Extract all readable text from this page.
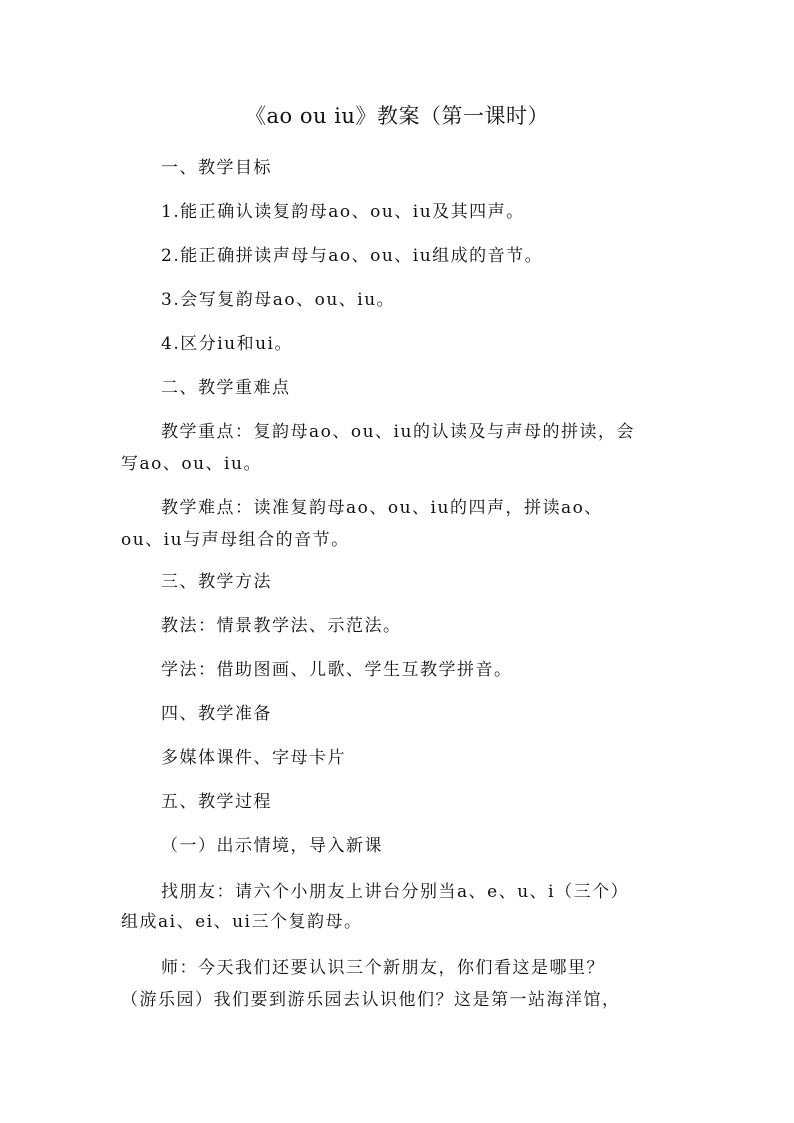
《ao ou iu》教案（第一课时）
一、教学目标
1.能正确认读复韵母ao、ou、iu及其四声。
2.能正确拼读声母与ao、ou、iu组成的音节。
3.会写复韵母ao、ou、iu。
4.区分iu和ui。
二、教学重难点
教学重点：复韵母ao、ou、iu的认读及与声母的拼读，会
写ao、ou、iu。
教学难点：读准复韵母ao、ou、iu的四声，拼读ao、
ou、iu与声母组合的音节。
三、教学方法
教法：情景教学法、示范法。
学法：借助图画、儿歌、学生互教学拼音。
四、教学准备
多媒体课件、字母卡片
五、教学过程
（一）出示情境，导入新课
找朋友：请六个小朋友上讲台分别当a、e、u、i（三个）
组成ai、ei、ui三个复韵母。
师：今天我们还要认识三个新朋友，你们看这是哪里？
（游乐园）我们要到游乐园去认识他们？这是第一站海洋馆，
